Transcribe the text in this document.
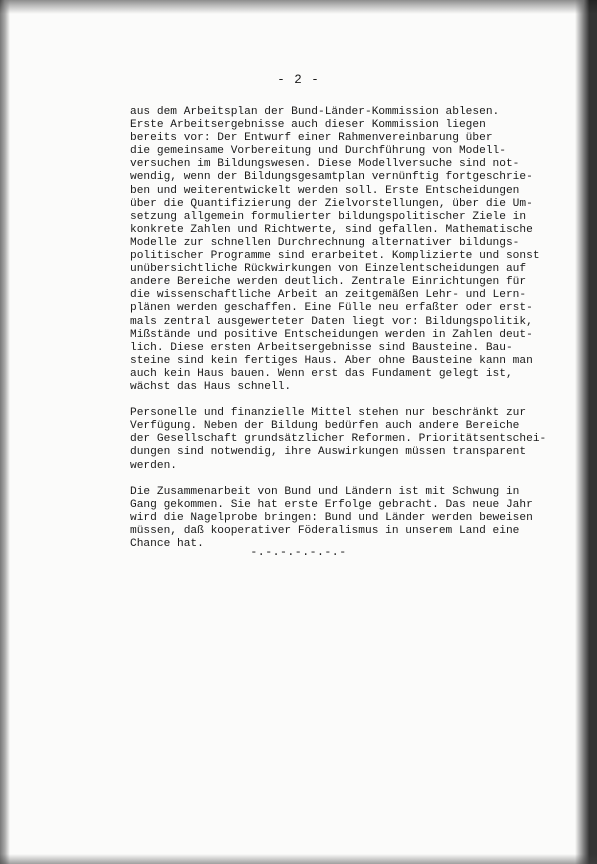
- 2 -
aus dem Arbeitsplan der Bund-Länder-Kommission ablesen.
Erste Arbeitsergebnisse auch dieser Kommission liegen
bereits vor: Der Entwurf einer Rahmenvereinbarung über
die gemeinsame Vorbereitung und Durchführung von Modell-
versuchen im Bildungswesen. Diese Modellversuche sind not-
wendig, wenn der Bildungsgesamtplan vernünftig fortgeschrie-
ben und weiterentwickelt werden soll. Erste Entscheidungen
über die Quantifizierung der Zielvorstellungen, über die Um-
setzung allgemein formulierter bildungspolitischer Ziele in
konkrete Zahlen und Richtwerte, sind gefallen. Mathematische
Modelle zur schnellen Durchrechnung alternativer bildungs-
politischer Programme sind erarbeitet. Komplizierte und sonst
unübersichtliche Rückwirkungen von Einzelentscheidungen auf
andere Bereiche werden deutlich. Zentrale Einrichtungen für
die wissenschaftliche Arbeit an zeitgemäßen Lehr- und Lern-
plänen werden geschaffen. Eine Fülle neu erfaßter oder erst-
mals zentral ausgewerteter Daten liegt vor: Bildungspolitik,
Mißstände und positive Entscheidungen werden in Zahlen deut-
lich. Diese ersten Arbeitsergebnisse sind Bausteine. Bau-
steine sind kein fertiges Haus. Aber ohne Bausteine kann man
auch kein Haus bauen. Wenn erst das Fundament gelegt ist,
wächst das Haus schnell.
Personelle und finanzielle Mittel stehen nur beschränkt zur
Verfügung. Neben der Bildung bedürfen auch andere Bereiche
der Gesellschaft grundsätzlicher Reformen. Prioritätsentschei-
dungen sind notwendig, ihre Auswirkungen müssen transparent
werden.
Die Zusammenarbeit von Bund und Ländern ist mit Schwung in
Gang gekommen. Sie hat erste Erfolge gebracht. Das neue Jahr
wird die Nagelprobe bringen: Bund und Länder werden beweisen
müssen, daß kooperativer Föderalismus in unserem Land eine
Chance hat.
-.-.-.-.-.-.-
